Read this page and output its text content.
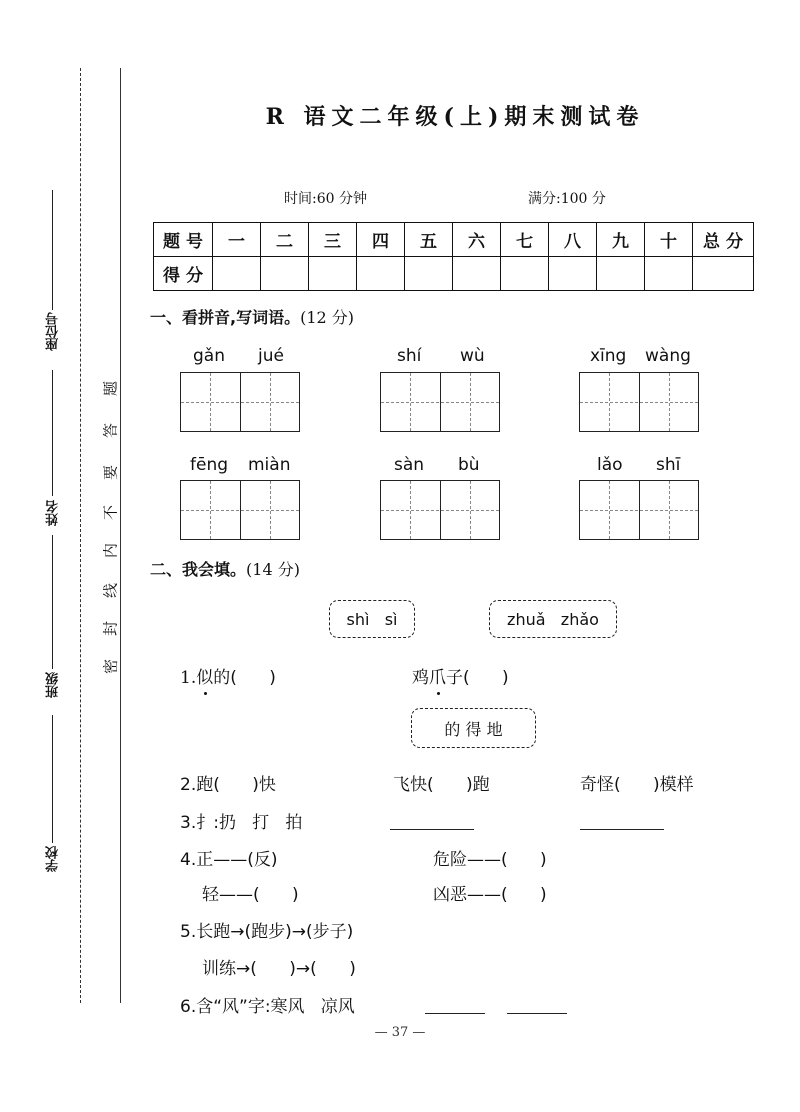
座位号
姓名
班级
学校
题
答
要
不
内
线
封
密
R 语文二年级(上)期末测试卷
时间:60 分钟	满分:100 分
题 号	一	二	三	四	五	六	七	八	九	十	总 分
得 分											
一、看拼音,写词语。(12 分)
gǎn jué	shí wù	xīng wàng
fēng miàn	sàn bù	lǎo shī
二、我会填。(14 分)
shì
sì	zhuǎ
zhǎo
1.似的(      )	鸡爪子(      )
的 得 地
2.跑(      )快	飞快(      )跑	奇怪(      )模样
3.扌:扔   打   拍
4.正——(反)	危险——(      )
轻——(      )	凶恶——(      )
5.长跑→(跑步)→(步子)
训练→(      )→(      )
6.含“风”字:寒风   凉风
— 37 —
